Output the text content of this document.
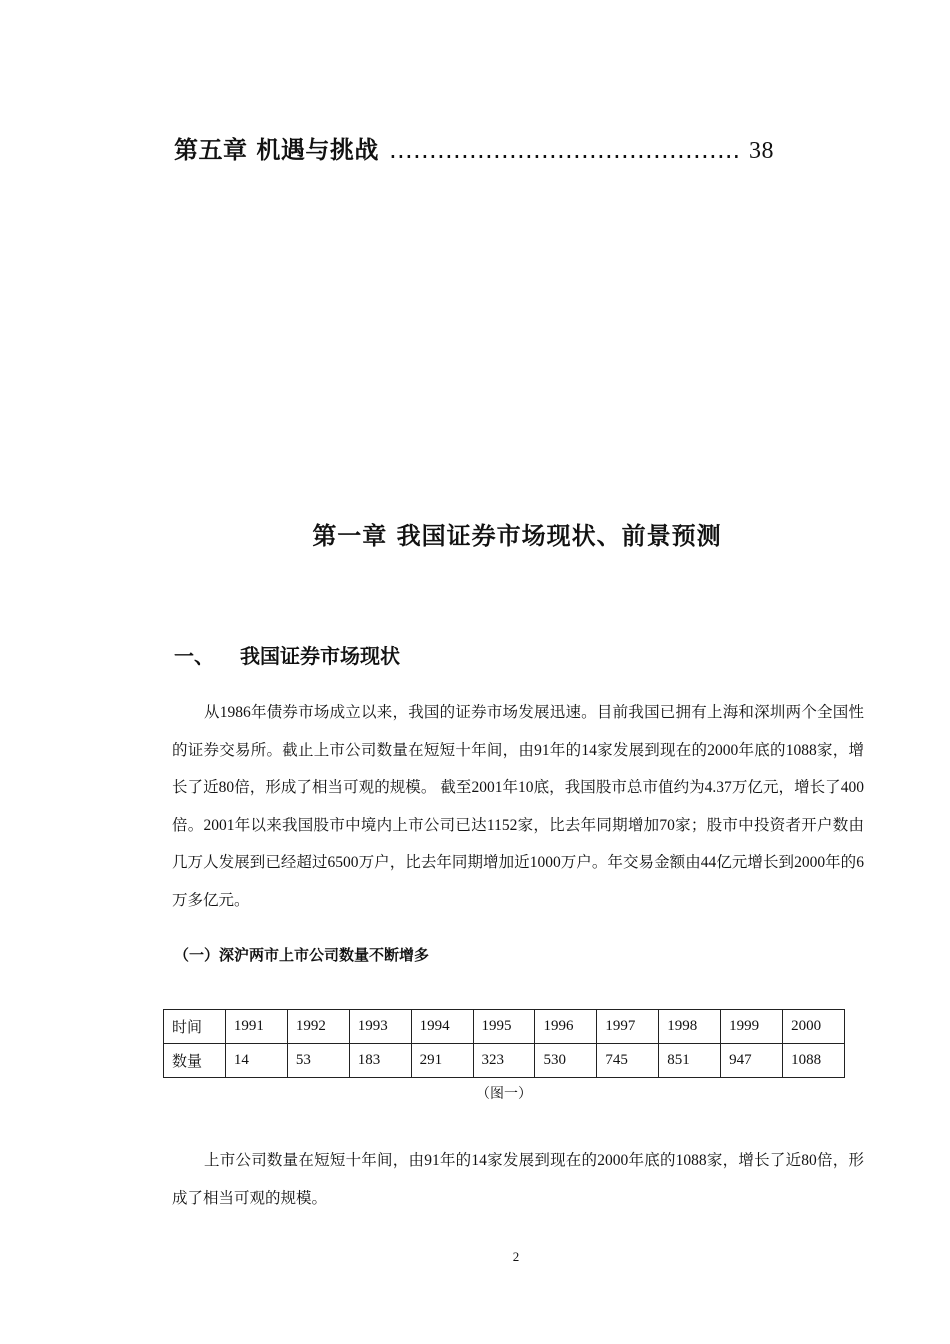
第五章 机遇与挑战 …………………………………….. 38
第一章 我国证券市场现状、前景预测
一、 我国证券市场现状

从1986年债券市场成立以来，我国的证券市场发展迅速。目前我国已拥有上海和深圳两个全国性的证券交易所。截止上市公司数量在短短十年间，由91年的14家发展到现在的2000年底的1088家，增长了近80倍，形成了相当可观的规模。 截至2001年10底，我国股市总市值约为4.37万亿元，增长了400倍。2001年以来我国股市中境内上市公司已达1152家，比去年同期增加70家；股市中投资者开户数由几万人发展到已经超过6500万户，比去年同期增加近1000万户。年交易金额由44亿元增长到2000年的6万多亿元。

（一）深沪两市上市公司数量不断增多
时间	1991	1992	1993	1994	1995	1996	1997	1998	1999	2000
数量	14	53	183	291	323	530	745	851	947	1088
（图一）

上市公司数量在短短十年间，由91年的14家发展到现在的2000年底的1088家，增长了近80倍，形成了相当可观的规模。

2
